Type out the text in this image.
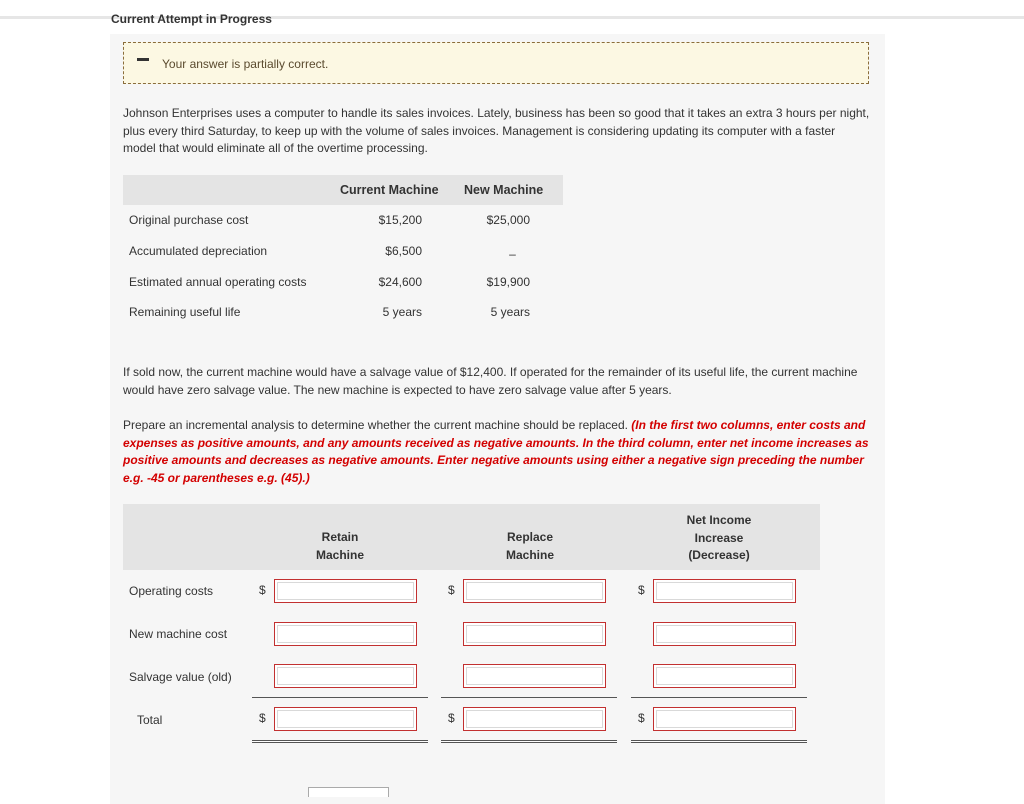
Current Attempt in Progress
Your answer is partially correct.
Johnson Enterprises uses a computer to handle its sales invoices. Lately, business has been so good that it takes an extra 3 hours per night, plus every third Saturday, to keep up with the volume of sales invoices. Management is considering updating its computer with a faster model that would eliminate all of the overtime processing.
Current Machine New Machine
Original purchase cost	$15,200	$25,000
Accumulated depreciation	$6,500	–
Estimated annual operating costs	$24,600	$19,900
Remaining useful life	5 years	5 years
If sold now, the current machine would have a salvage value of $12,400. If operated for the remainder of its useful life, the current machine would have zero salvage value. The new machine is expected to have zero salvage value after 5 years.
Prepare an incremental analysis to determine whether the current machine should be replaced. (In the first two columns, enter costs and expenses as positive amounts, and any amounts received as negative amounts. In the third column, enter net income increases as positive amounts and decreases as negative amounts. Enter negative amounts using either a negative sign preceding the number e.g. -45 or parentheses e.g. (45).)
Retain
Machine
Replace
Machine
Net Income
Increase
(Decrease)
Operating costs	$	$	$
New machine cost
Salvage value (old)
Total	$	$	$
